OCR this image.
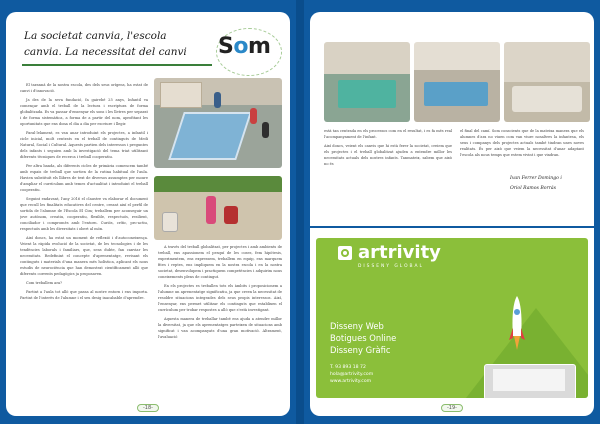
La societat canvia, l'escola
canvia. La necessitat del canvi Som

El taranná de la nostra escola, des dels seus orígens, ha estat de canvi i d'innovació.

Ja des de la seva fundació, fa gairebé 25 anys, Infantil va començar amb el treball de la lectura i escriptura de forma globalitzada. Es va passar d'ensenyar els sons i les lletres per separat i de forma sistemàtica, a forma de a partir del nom, aprofitant les oportunitats que ens dona el dia a dia per escriure i llegir.

Paral·lelament, es van anar introduint els projectes, a infantil i cicle inicial, molt centrats en el treball de continguts de Medi Natural, Social i Cultural. Aquests partien dels interessos i preguntes dels infants i seguien amb la investigació del tema triat utilitzant diferents tècniques de recerca i treball cooperatiu.

Per altra banda, als diferents cicles de primària comencem també amb espais de treball que sortien de la rutina habitual de l'aula. Havien substituït els llibres de text de diversos assumptes per moure d'ampliar el currículum amb temes d'actualitat i introduint el treball cooperatiu.

Seguint endavant, l'any 2016 el claustre va elaborar el document que recull les finalitats educatives del centre, creant així el perfil de sortida de l'alumne de l'Escola El Cim; treballem per aconseguir un jove autònom, creatiu, cooperatiu, flexible, respectuós, resilient, conciliador i compromès amb l'entorn. Curiós, crític, pro-actiu, respectuós amb les diversitats i obert al món.

Així doncs, ha estat un moment de reflexió i d'autoconeixença. Veient la ràpida evolució de la societat, de les tecnologies i de les tendències laborals i familiars, que, sens dubte, fan canviar les necessitats. Redefinint el concepte d'aprenentatge, revisant els continguts i materials d'una manera més holística, aplicant els nous estudis de neurociència que han demostrat científicament allò que diferents corrents pedagògics ja proposaven.

Com treballem ara?

Partint a l'aula tot allò que passa al nostre entorn i ens importa. Partint de l'interès de l'alumne i el seu desig inacabable d'aprendre.

A través del treball globalitzat, per projectes i amb ambients de treball, ens apassionem el pesquí de les coses, fem hipòtesis, experimentem, ens expressem, treballem en equip, ens marquem fites i reptes, ens impliquem en la nostra escola i en la nostra societat, desenvolupem i practiquem competències i adquirim nous coneixements plens de contingut.

En els projectes es treballen tots els àmbits i proposicionem a l'alumne un aprenentatge significatiu, ja que creen la necessitat de resoldre situacions integrades dels seus propis interessos. Així, l'ensenyar, ens permet utilitzar els continguts que establixen el currículum per trobar respostes a allò que s'està investigant.

Aquesta manera de treballar també ens ajuda a atendre millor la diversitat, ja que els aprenentatges parteixen de situacions amb significat i van acompanyats d'una gran motivació. Altrament, l'avaluació

-18-

està tan centrada en els processos com en el resultat, i es fa més real l'acompanyament de l'infant.

Així doncs, veient els canvis que hi està ferer la societat, creiem que els projectes i el treball globalitzat ajuden a entendre millor les necessitats actuals dels nostres infants. Tanmateix, sabem que això no és

el final del camí. Som conscients que de la mateixa manera que els alumnes d'ara no viuen com van viure nosaltres la infantesa, els seus i companys dels projectes actuals també tindran unes noves realitats. És per això que veiem la necessitat d'anar adaptant l'escola als nous temps que estem vivint i que vindran.

Ivan Ferrer Domingo i
Oriol Ramos Borrás
artrivity
DISSENY GLOBAL
Disseny Web
Botigues Online
Disseny Gràfic
T. 93 893 18 72
hola@artrivity.com
www.artrivity.com
-19-
